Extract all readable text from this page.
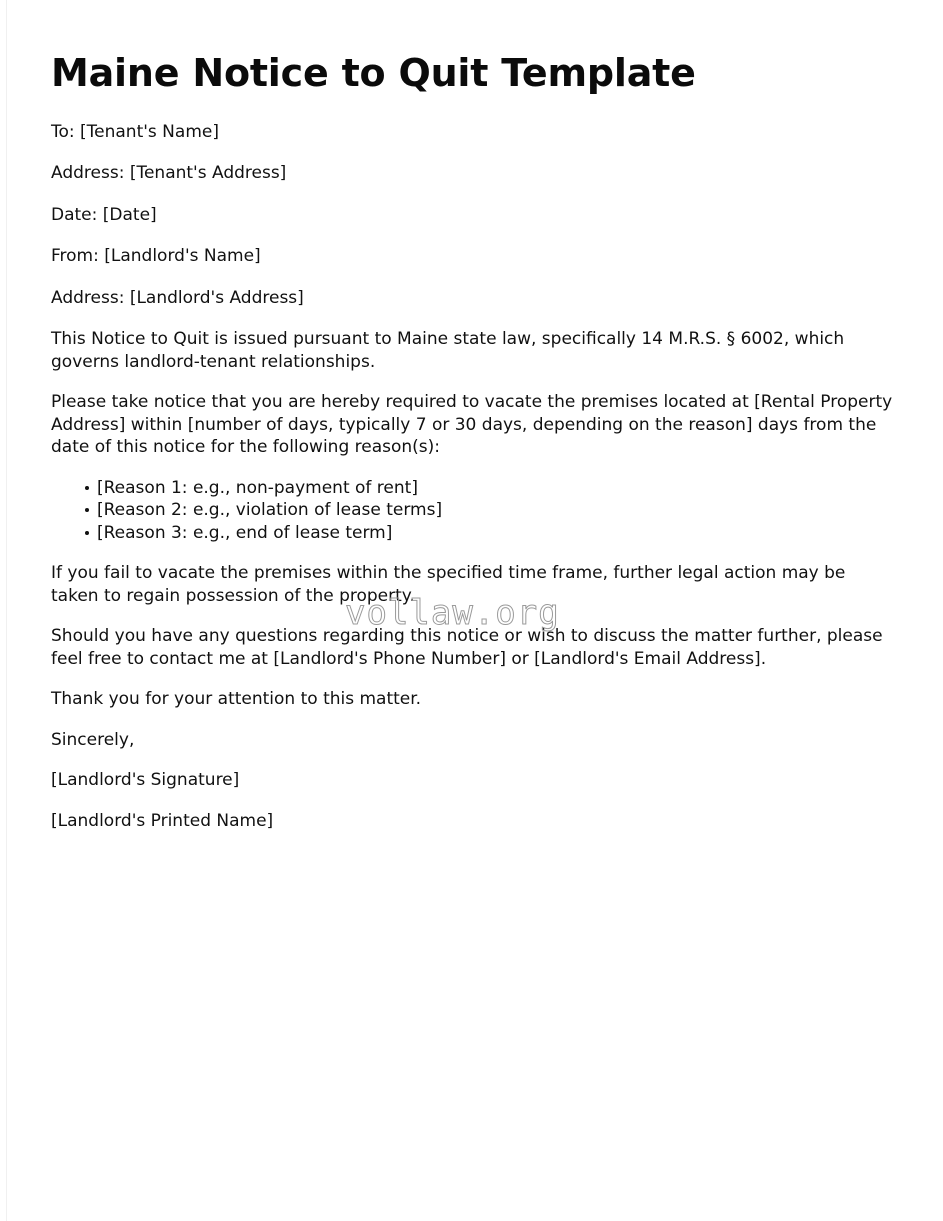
Maine Notice to Quit Template

To: [Tenant's Name]

Address: [Tenant's Address]

Date: [Date]

From: [Landlord's Name]

Address: [Landlord's Address]

This Notice to Quit is issued pursuant to Maine state law, specifically 14 M.R.S. § 6002, which governs landlord-tenant relationships.

Please take notice that you are hereby required to vacate the premises located at [Rental Property Address] within [number of days, typically 7 or 30 days, depending on the reason] days from the date of this notice for the following reason(s):

[Reason 1: e.g., non-payment of rent]
[Reason 2: e.g., violation of lease terms]
[Reason 3: e.g., end of lease term]

If you fail to vacate the premises within the specified time frame, further legal action may be taken to regain possession of the property.

Should you have any questions regarding this notice or wish to discuss the matter further, please feel free to contact me at [Landlord's Phone Number] or [Landlord's Email Address].

Thank you for your attention to this matter.

Sincerely,

[Landlord's Signature]

[Landlord's Printed Name]

vollaw.org
